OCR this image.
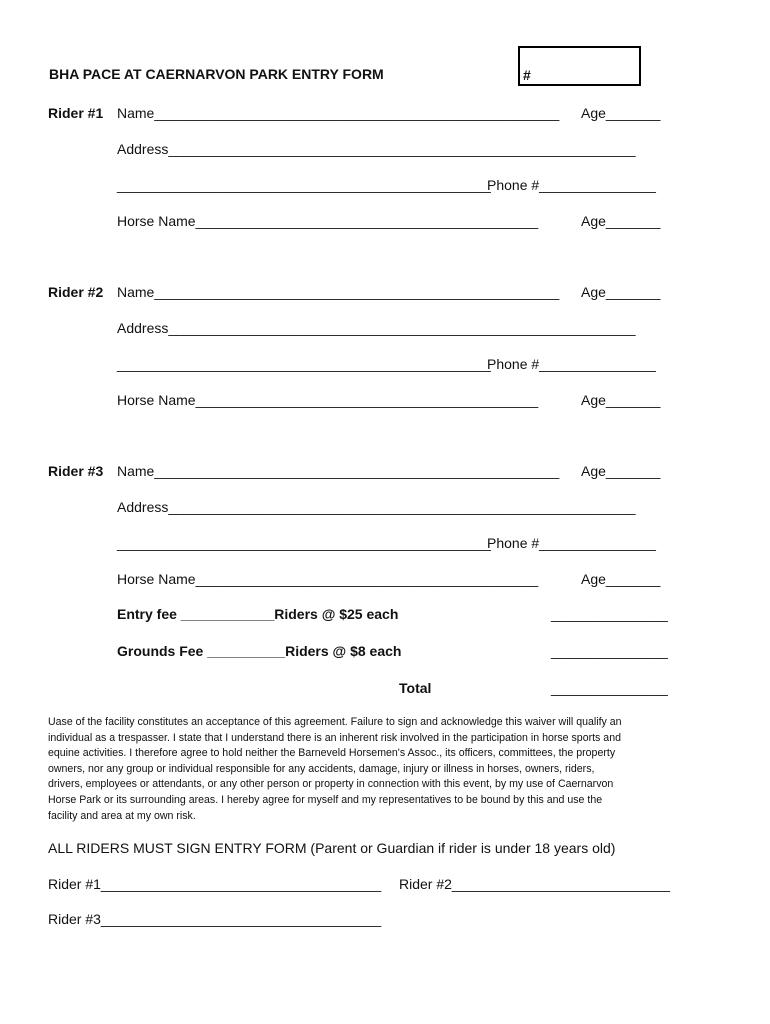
BHA PACE AT CAERNARVON PARK ENTRY FORM	#
Rider #1 Name____________________________________________________ Age_______
Address____________________________________________________________
________________________________________________
Phone #_______________
Horse Name____________________________________________	Age_______
Rider #2 Name____________________________________________________ Age_______
Address____________________________________________________________
________________________________________________
Phone #_______________
Horse Name____________________________________________	Age_______
Rider #3 Name____________________________________________________ Age_______
Address____________________________________________________________
________________________________________________
Phone #_______________
Horse Name____________________________________________	Age_______
Entry fee ____________Riders @ $25 each	_______________
Grounds Fee __________Riders @ $8 each	_______________
Total	_______________
Uase of the facility constitutes an acceptance of this agreement. Failure to sign and acknowledge this waiver will qualify an individual as a trespasser. I state that I understand there is an inherent risk involved in the participation in horse sports and equine activities. I therefore agree to hold neither the Barneveld Horsemen's Assoc., its officers, committees, the property owners, nor any group or individual responsible for any accidents, damage, injury or illness in horses, owners, riders, drivers, employees or attendants, or any other person or property in connection with this event, by my use of Caernarvon Horse Park or its surrounding areas. I hereby agree for myself and my representatives to be bound by this and use the facility and area at my own risk.
ALL RIDERS MUST SIGN ENTRY FORM (Parent or Guardian if rider is under 18 years old)
Rider #1____________________________________ Rider #2____________________________
Rider #3____________________________________
